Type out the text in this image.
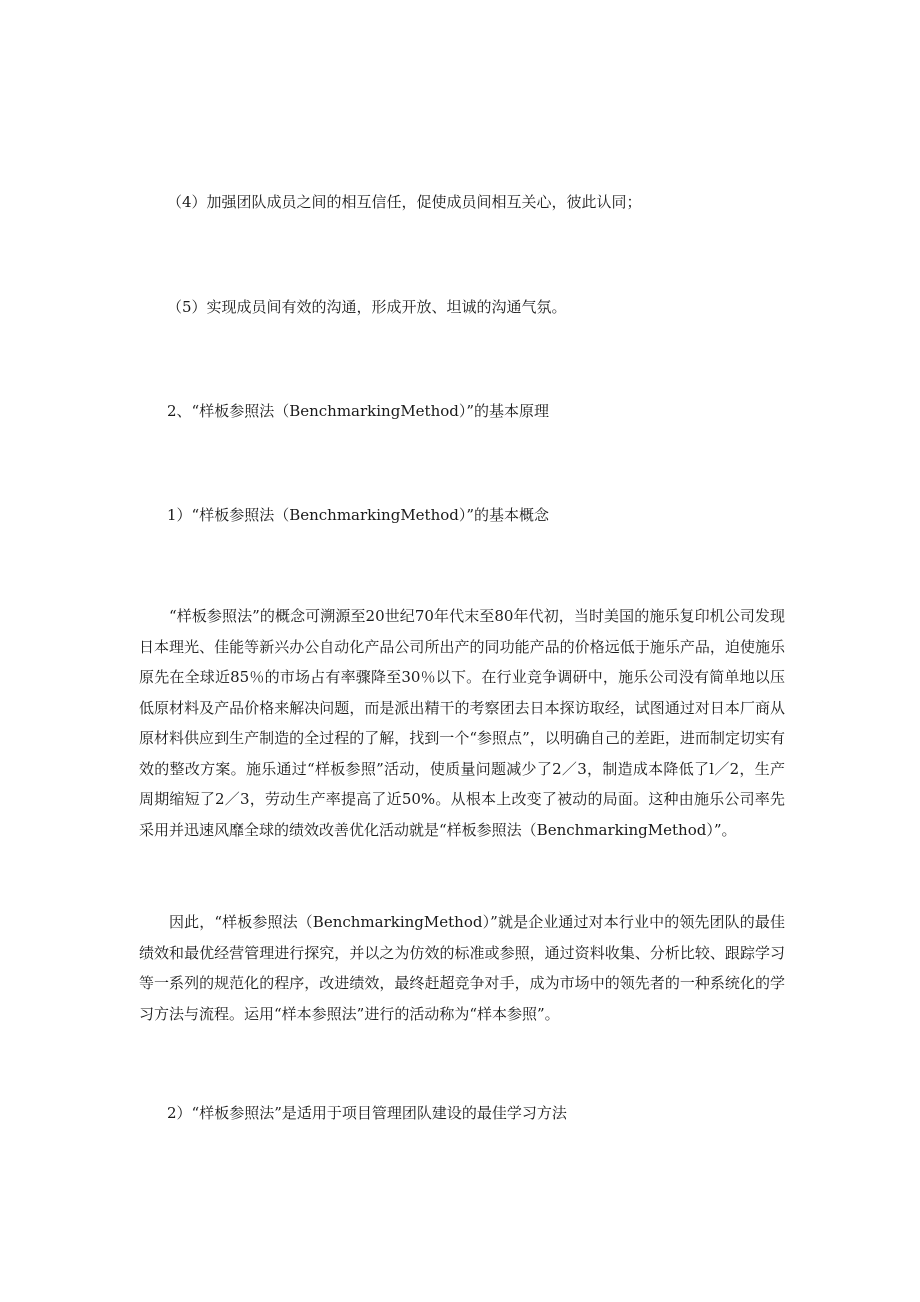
（4）加强团队成员之间的相互信任，促使成员间相互关心，彼此认同；

（5）实现成员间有效的沟通，形成开放、坦诚的沟通气氛。

2、“样板参照法（BenchmarkingMethod）”的基本原理

1）“样板参照法（BenchmarkingMethod）”的基本概念

“样板参照法”的概念可溯源至20世纪70年代末至80年代初，当时美国的施乐复印机公司发现日本理光、佳能等新兴办公自动化产品公司所出产的同功能产品的价格远低于施乐产品，迫使施乐原先在全球近85％的市场占有率骤降至30％以下。在行业竞争调研中，施乐公司没有简单地以压低原材料及产品价格来解决问题，而是派出精干的考察团去日本探访取经，试图通过对日本厂商从原材料供应到生产制造的全过程的了解，找到一个“参照点”，以明确自己的差距，进而制定切实有效的整改方案。施乐通过“样板参照”活动，使质量问题减少了2／3，制造成本降低了l／2，生产周期缩短了2／3，劳动生产率提高了近50%。从根本上改变了被动的局面。这种由施乐公司率先采用并迅速风靡全球的绩效改善优化活动就是“样板参照法（BenchmarkingMethod）”。

因此，“样板参照法（BenchmarkingMethod）”就是企业通过对本行业中的领先团队的最佳绩效和最优经营管理进行探究，并以之为仿效的标准或参照，通过资料收集、分析比较、跟踪学习等一系列的规范化的程序，改进绩效，最终赶超竞争对手，成为市场中的领先者的一种系统化的学习方法与流程。运用“样本参照法”进行的活动称为“样本参照”。

2）“样板参照法”是适用于项目管理团队建设的最佳学习方法
